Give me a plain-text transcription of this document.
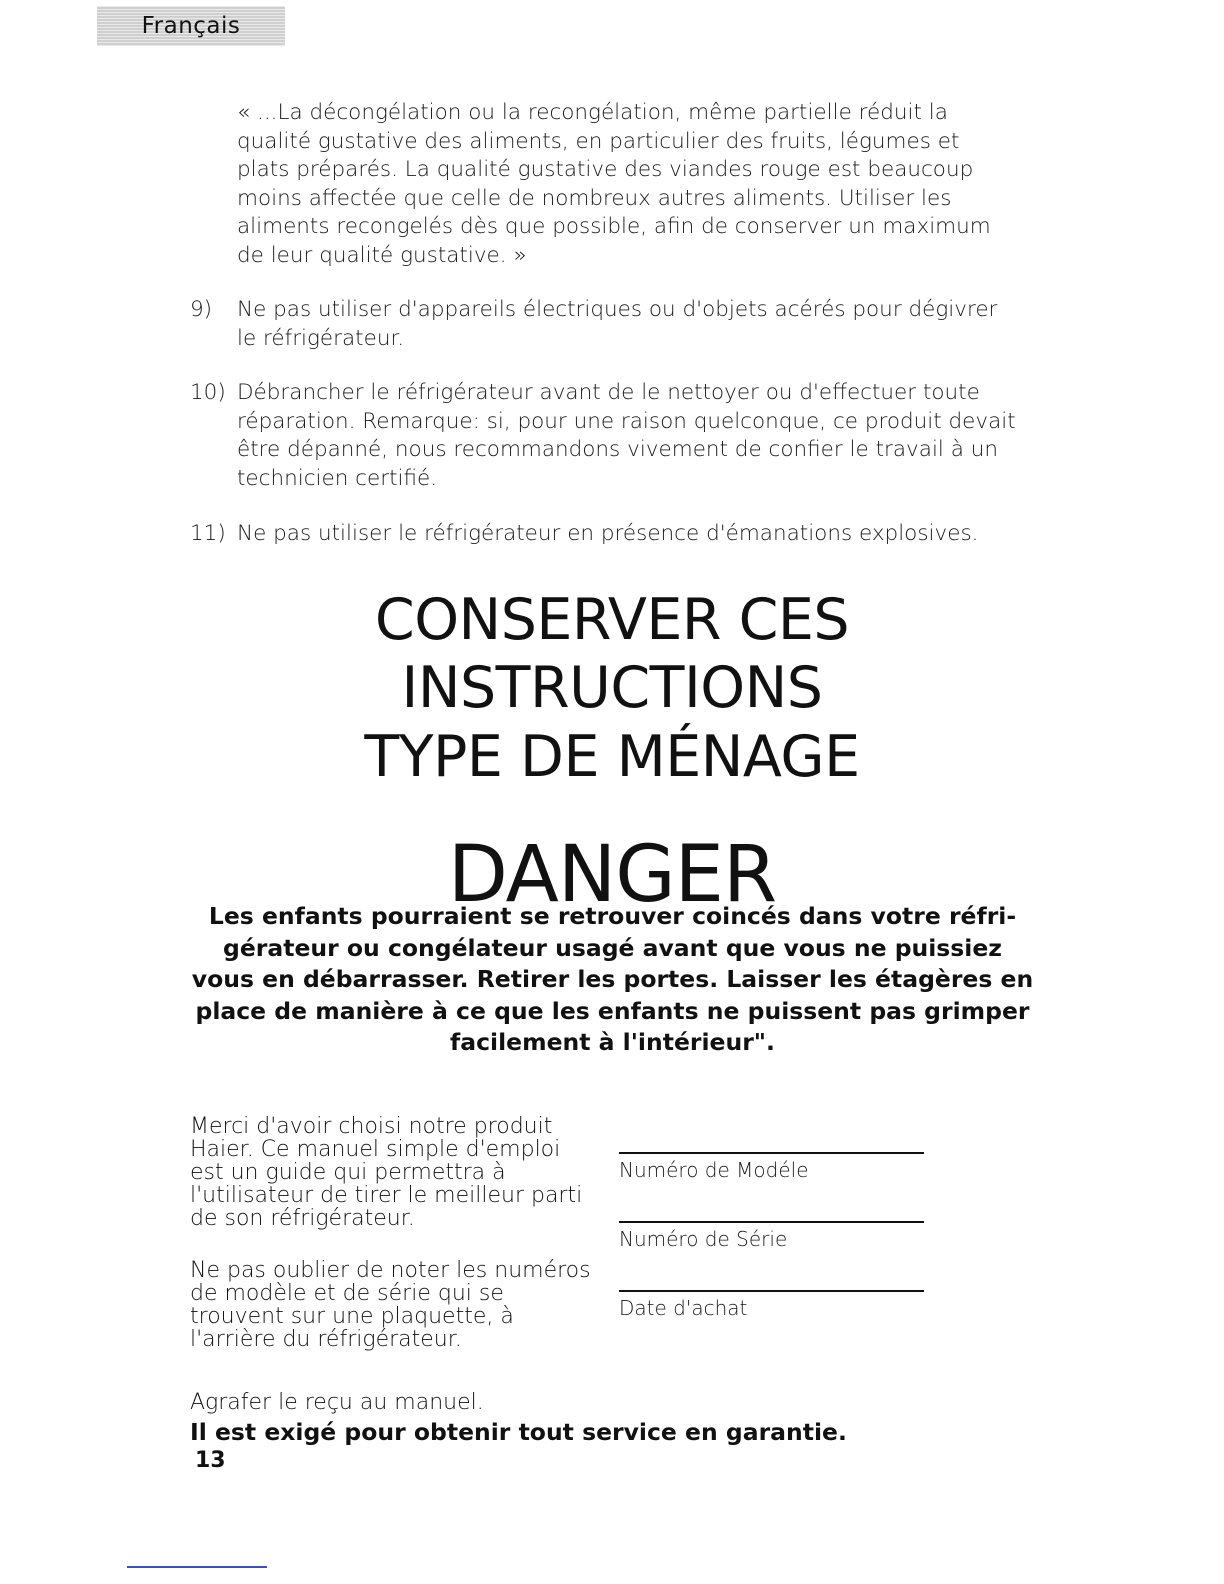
Français

« ...La décongélation ou la recongélation, même partielle réduit la qualité gustative des aliments, en particulier des fruits, légumes et plats préparés. La qualité gustative des viandes rouge est beaucoup moins affectée que celle de nombreux autres aliments. Utiliser les aliments recongelés dès que possible, afin de conserver un maximum de leur qualité gustative. »

9)	Ne pas utiliser d'appareils électriques ou d'objets acérés pour dégivrer le réfrigérateur.
10) Débrancher le réfrigérateur avant de le nettoyer ou d'effectuer toute réparation. Remarque: si, pour une raison quelconque, ce produit devait être dépanné, nous recommandons vivement de confier le travail à un technicien certifié.
11) Ne pas utiliser le réfrigérateur en présence d'émanations explosives.
CONSERVER CES
INSTRUCTIONS
TYPE DE MÉNAGE
DANGER

Les enfants pourraient se retrouver coincés dans votre réfri- gérateur ou congélateur usagé avant que vous ne puissiez vous en débarrasser. Retirer les portes. Laisser les étagères en place de manière à ce que les enfants ne puissent pas grimper facilement à l'intérieur".

Merci d'avoir choisi notre produit Haier. Ce manuel simple d'emploi est un guide qui permettra à l'utilisateur de tirer le meilleur parti de son réfrigérateur.

Ne pas oublier de noter les numéros de modèle et de série qui se trouvent sur une plaquette, à l'arrière du réfrigérateur.

Numéro de Modéle
Numéro de Série
Date d'achat

Agrafer le reçu au manuel.

Il est exigé pour obtenir tout service en garantie.

13
